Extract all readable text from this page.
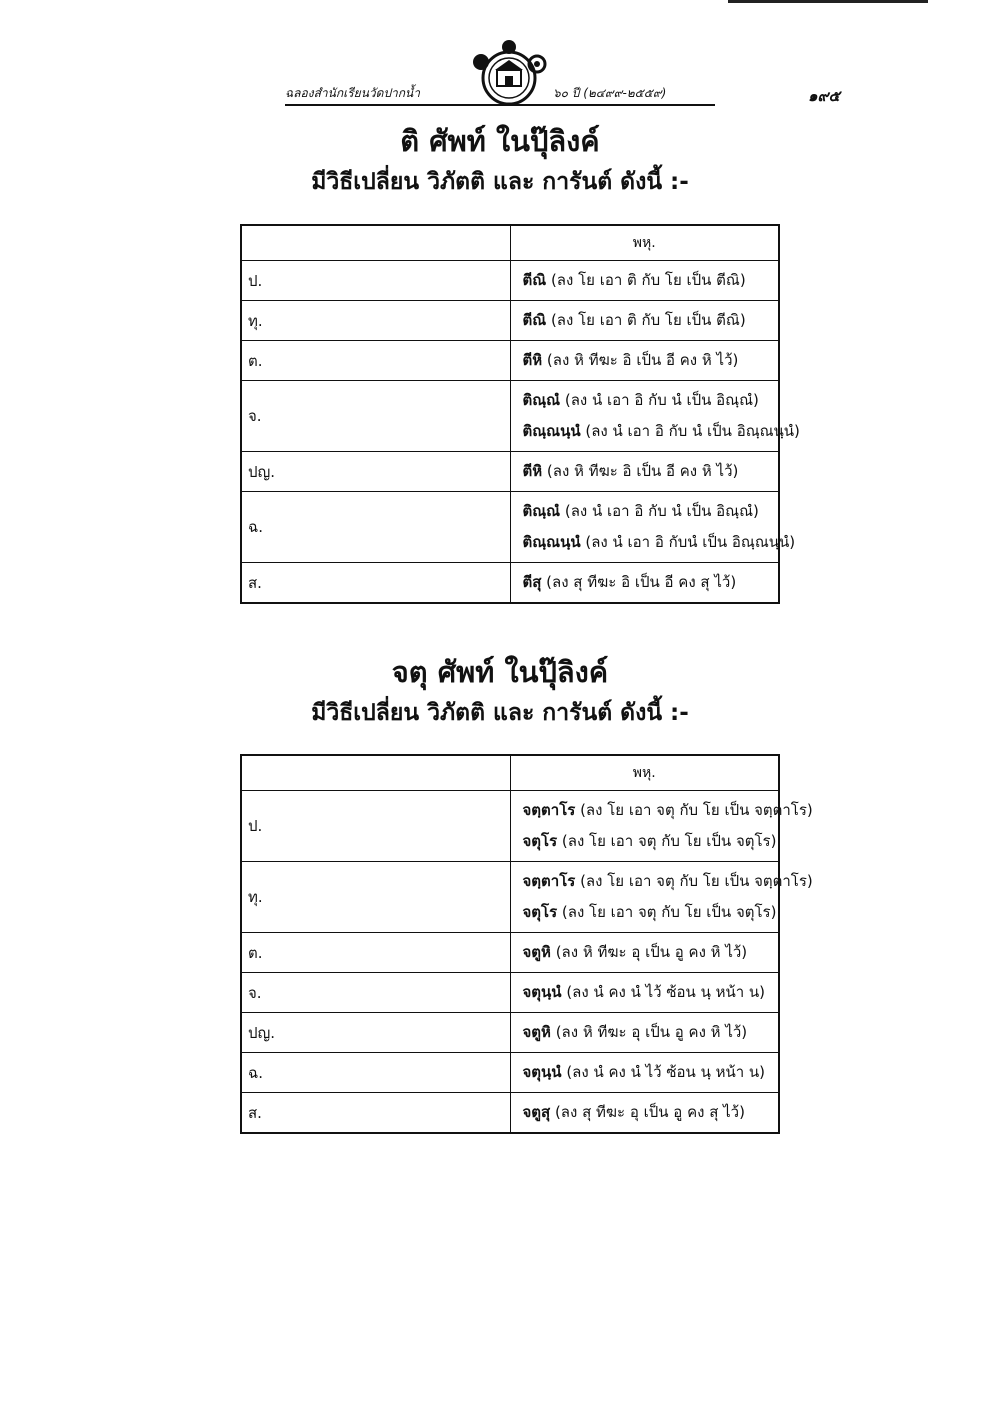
ฉลองสำนักเรียนวัดปากน้ำ	๖๐ ปี (๒๔๙๙-๒๕๕๙)	๑๙๕
ติ ศัพท์ ในปุ๊ลิงค์
มีวิธีเปลี่ยน วิภัตติ และ การันต์ ดังนี้ :-
	พหุ.
ป.	ตีณิ (ลง โย เอา ติ กับ โย เป็น ตีณิ)

ทุ.	ตีณิ (ลง โย เอา ติ กับ โย เป็น ตีณิ)

ต.	ตีหิ (ลง หิ ทีฆะ อิ เป็น อี คง หิ ไว้)

จ.	ติณฺณํ (ลง นํ เอา อิ กับ นํ เป็น อิณฺณํ)
ติณฺณนฺนํ (ลง นํ เอา อิ กับ นํ เป็น อิณฺณนฺนํ)

ปญ.	ตีหิ (ลง หิ ทีฆะ อิ เป็น อี คง หิ ไว้)

ฉ.	ติณฺณํ (ลง นํ เอา อิ กับ นํ เป็น อิณฺณํ)
ติณฺณนฺนํ (ลง นํ เอา อิ กับนํ เป็น อิณฺณนฺนํ)

ส.	ตีสุ (ลง สุ ทีฆะ อิ เป็น อี คง สุ ไว้)
จตุ ศัพท์ ในปุ๊ลิงค์
มีวิธีเปลี่ยน วิภัตติ และ การันต์ ดังนี้ :-
	พหุ.
ป.	จตฺตาโร (ลง โย เอา จตุ กับ โย เป็น จตฺตาโร)
จตุโร (ลง โย เอา จตุ กับ โย เป็น จตุโร)

ทุ.	จตฺตาโร (ลง โย เอา จตุ กับ โย เป็น จตฺตาโร)
จตุโร (ลง โย เอา จตุ กับ โย เป็น จตุโร)

ต.	จตูหิ (ลง หิ ทีฆะ อุ เป็น อู คง หิ ไว้)

จ.	จตุนฺนํ (ลง นํ คง นํ ไว้ ซ้อน นฺ หน้า น)

ปญ.	จตูหิ (ลง หิ ทีฆะ อุ เป็น อู คง หิ ไว้)

ฉ.	จตุนฺนํ (ลง นํ คง นํ ไว้ ซ้อน นฺ หน้า น)

ส.	จตูสุ (ลง สุ ทีฆะ อุ เป็น อู คง สุ ไว้)
